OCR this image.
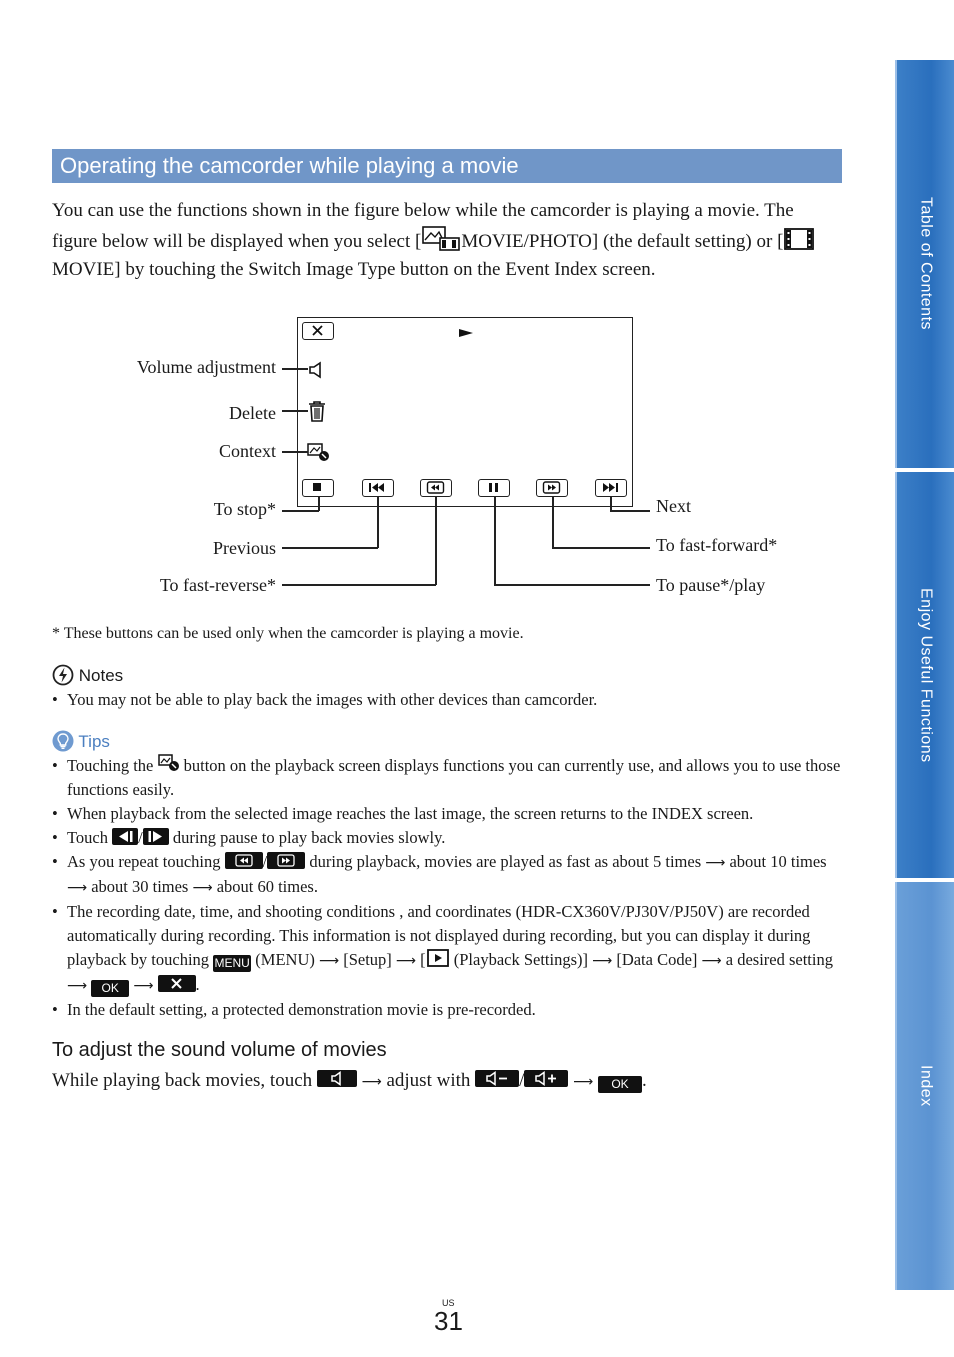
Table of Contents
Enjoy Useful Functions
Index
Operating the camcorder while playing a movie

You can use the functions shown in the figure below while the camcorder is playing a movie. The figure below will be displayed when you select [ MOVIE/PHOTO] (the default setting) or [MOVIE] by touching the Switch Image Type button on the Event Index screen.

Volume adjustment
Delete
Context
To stop*
Previous
To fast-reverse*
Next
To fast-forward*
To pause*/play
* These buttons can be used only when the camcorder is playing a movie.
Notes
• You may not be able to play back the images with other devices than camcorder.
Tips
• Touching the button on the playback screen displays functions you can currently use, and allows you to use those functions easily.
• When playback from the selected image reaches the last image, the screen returns to the INDEX screen.
• Touch / during pause to play back movies slowly.
• As you repeat touching	/	during playback, movies are played as fast as about 5 times ⟶ about 10 times ⟶ about 30 times ⟶ about 60 times.
• The recording date, time, and shooting conditions , and coordinates (HDR-CX360V/PJ30V/PJ50V) are recorded automatically during recording. This information is not displayed during recording, but you can display it during playback by touching MENU (MENU) ⟶ [Setup] ⟶ [ (Playback Settings)] ⟶ [Data Code] ⟶ a desired setting ⟶ OK ⟶	.
• In the default setting, a protected demonstration movie is pre-recorded.
To adjust the sound volume of movies
While playing back movies, touch	⟶ adjust with	/	⟶ OK .
US
31
